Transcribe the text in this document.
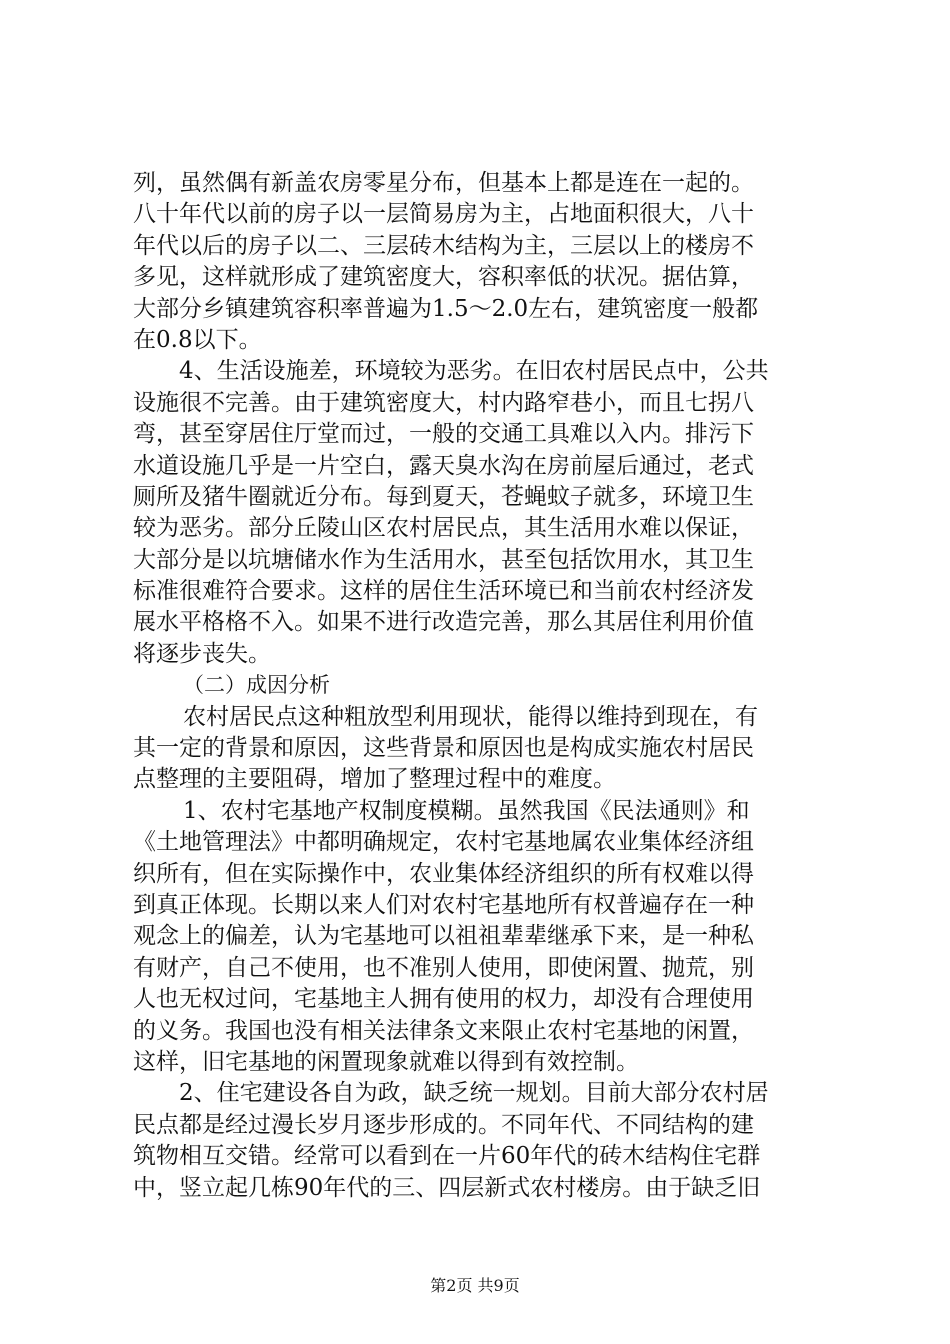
列，虽然偶有新盖农房零星分布，但基本上都是连在一起的。
八十年代以前的房子以一层简易房为主，占地面积很大，八十
年代以后的房子以二、三层砖木结构为主，三层以上的楼房不
多见，这样就形成了建筑密度大，容积率低的状况。据估算，
大部分乡镇建筑容积率普遍为1.5～2.0左右，建筑密度一般都
在0.8以下。
4、生活设施差，环境较为恶劣。在旧农村居民点中，公共
设施很不完善。由于建筑密度大，村内路窄巷小，而且七拐八
弯，甚至穿居住厅堂而过，一般的交通工具难以入内。排污下
水道设施几乎是一片空白，露天臭水沟在房前屋后通过，老式
厕所及猪牛圈就近分布。每到夏天，苍蝇蚊子就多，环境卫生
较为恶劣。部分丘陵山区农村居民点，其生活用水难以保证，
大部分是以坑塘储水作为生活用水，甚至包括饮用水，其卫生
标准很难符合要求。这样的居住生活环境已和当前农村经济发
展水平格格不入。如果不进行改造完善，那么其居住利用价值
将逐步丧失。
（二）成因分析
农村居民点这种粗放型利用现状，能得以维持到现在，有
其一定的背景和原因，这些背景和原因也是构成实施农村居民
点整理的主要阻碍，增加了整理过程中的难度。
1、农村宅基地产权制度模糊。虽然我国《民法通则》和
《土地管理法》中都明确规定，农村宅基地属农业集体经济组
织所有，但在实际操作中，农业集体经济组织的所有权难以得
到真正体现。长期以来人们对农村宅基地所有权普遍存在一种
观念上的偏差，认为宅基地可以祖祖辈辈继承下来，是一种私
有财产，自己不使用，也不准别人使用，即使闲置、抛荒，别
人也无权过问，宅基地主人拥有使用的权力，却没有合理使用
的义务。我国也没有相关法律条文来限止农村宅基地的闲置，
这样，旧宅基地的闲置现象就难以得到有效控制。
2、住宅建设各自为政，缺乏统一规划。目前大部分农村居
民点都是经过漫长岁月逐步形成的。不同年代、不同结构的建
筑物相互交错。经常可以看到在一片60年代的砖木结构住宅群
中，竖立起几栋90年代的三、四层新式农村楼房。由于缺乏旧
第2页 共9页
